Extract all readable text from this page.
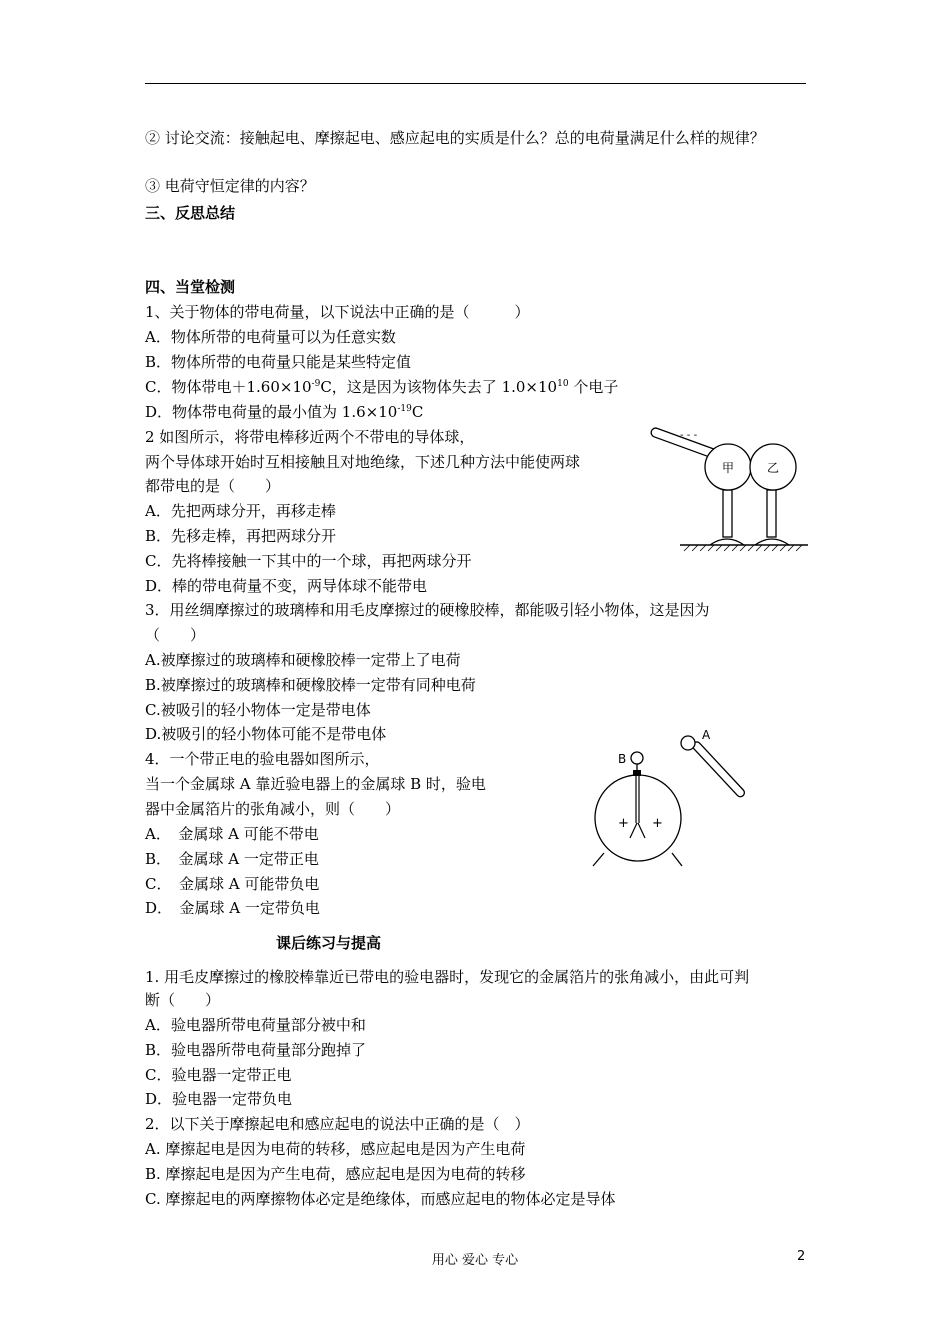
② 讨论交流：接触起电、摩擦起电、感应起电的实质是什么？总的电荷量满足什么样的规律？
③ 电荷守恒定律的内容？
三、反思总结
四、当堂检测
1、关于物体的带电荷量，以下说法中正确的是（　　　）
A．物体所带的电荷量可以为任意实数
B．物体所带的电荷量只能是某些特定值
C．物体带电$+1.60\times 10^{-9}C$，这是因为该物体失去了 $1.0\times 10^{10}$ 个电子
D．物体带电荷量的最小值为 $1.6\times 10^{-19}C$
2 如图所示，将带电棒移近两个不带电的导体球，
两个导体球开始时互相接触且对地绝缘，下述几种方法中能使两球
都带电的是（　　）
A．先把两球分开，再移走棒
B．先移走棒，再把两球分开
C．先将棒接触一下其中的一个球，再把两球分开
D．棒的带电荷量不变，两导体球不能带电
- - -
甲	乙
3．用丝绸摩擦过的玻璃棒和用毛皮摩擦过的硬橡胶棒，都能吸引轻小物体，这是因为
（　　）
A.被摩擦过的玻璃棒和硬橡胶棒一定带上了电荷
B.被摩擦过的玻璃棒和硬橡胶棒一定带有同种电荷
C.被吸引的轻小物体一定是带电体
D.被吸引的轻小物体可能不是带电体
4．一个带正电的验电器如图所示，
当一个金属球 A 靠近验电器上的金属球 B 时，验电
器中金属箔片的张角减小，则（　　）
A．　金属球 A 可能不带电
B．　金属球 A 一定带正电
C．　金属球 A 可能带负电
D．　金属球 A 一定带负电
A
B
+ +
课后练习与提高
1. 用毛皮摩擦过的橡胶棒靠近已带电的验电器时，发现它的金属箔片的张角减小，由此可判
断（　　）
A．验电器所带电荷量部分被中和
B．验电器所带电荷量部分跑掉了
C．验电器一定带正电
D．验电器一定带负电
2．以下关于摩擦起电和感应起电的说法中正确的是（　）
A. 摩擦起电是因为电荷的转移，感应起电是因为产生电荷
B. 摩擦起电是因为产生电荷，感应起电是因为电荷的转移
C. 摩擦起电的两摩擦物体必定是绝缘体，而感应起电的物体必定是导体
用心 爱心 专心	2
